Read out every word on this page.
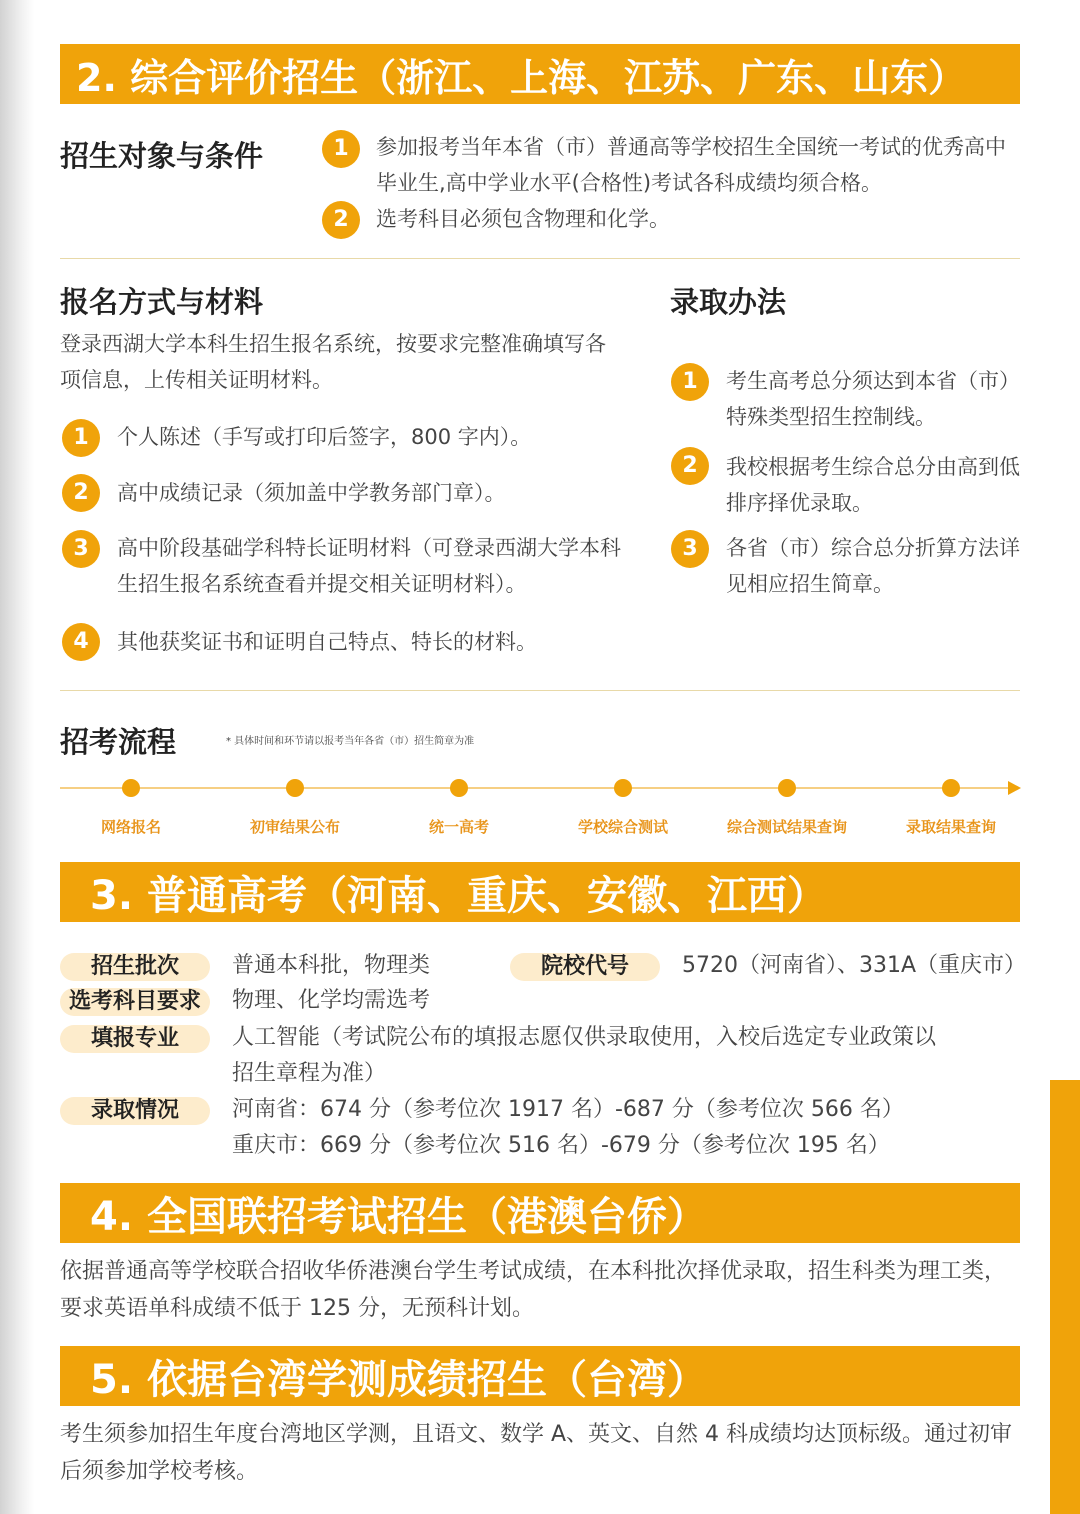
2. 综合评价招生（浙江、上海、江苏、广东、山东）
招生对象与条件	1	参加报考当年本省（市）普通高等学校招生全国统一考试的优秀高中毕业生,高中学业水平(合格性)考试各科成绩均须合格。
2	选考科目必须包含物理和化学。
报名方式与材料
登录西湖大学本科生招生报名系统，按要求完整准确填写各项信息，上传相关证明材料。
1	个人陈述（手写或打印后签字，800 字内）。
2	高中成绩记录（须加盖中学教务部门章）。
3	高中阶段基础学科特长证明材料（可登录西湖大学本科生招生报名系统查看并提交相关证明材料）。
4	其他获奖证书和证明自己特点、特长的材料。
录取办法
1	考生高考总分须达到本省（市）特殊类型招生控制线。
2	我校根据考生综合总分由高到低排序择优录取。
3	各省（市）综合总分折算方法详见相应招生简章。
招考流程	* 具体时间和环节请以报考当年各省（市）招生简章为准
网络报名	初审结果公布	统一高考	学校综合测试	综合测试结果查询	录取结果查询
3. 普通高考（河南、重庆、安徽、江西）
招生批次	普通本科批，物理类	院校代号	5720（河南省）、331A（重庆市）
选考科目要求	物理、化学均需选考
填报专业	人工智能（考试院公布的填报志愿仅供录取使用，入校后选定专业政策以
招生章程为准）
录取情况	河南省：674 分（参考位次 1917 名）-687 分（参考位次 566 名）
重庆市：669 分（参考位次 516 名）-679 分（参考位次 195 名）
4. 全国联招考试招生（港澳台侨）
依据普通高等学校联合招收华侨港澳台学生考试成绩，在本科批次择优录取，招生科类为理工类，要求英语单科成绩不低于 125 分，无预科计划。
5. 依据台湾学测成绩招生（台湾）
考生须参加招生年度台湾地区学测，且语文、数学 A、英文、自然 4 科成绩均达顶标级。通过初审后须参加学校考核。
